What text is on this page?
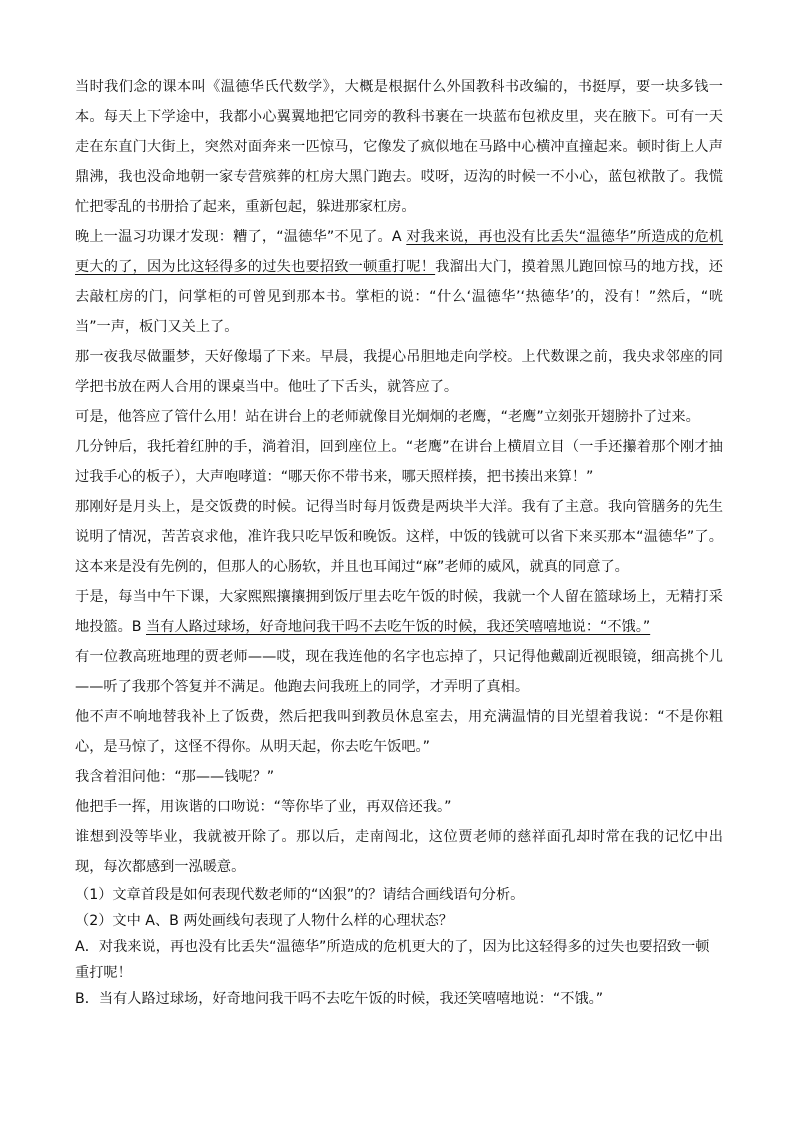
当时我们念的课本叫《温德华氏代数学》，大概是根据什么外国教科书改编的，书挺厚，要一块多钱一本。每天上下学途中，我都小心翼翼地把它同旁的教科书裹在一块蓝布包袱皮里，夹在腋下。可有一天走在东直门大街上，突然对面奔来一匹惊马，它像发了疯似地在马路中心横冲直撞起来。顿时街上人声鼎沸，我也没命地朝一家专营殡葬的杠房大黑门跑去。哎呀，迈沟的时候一不小心，蓝包袱散了。我慌忙把零乱的书册拾了起来，重新包起，躲进那家杠房。

晚上一温习功课才发现：糟了，“温德华”不见了。A 对我来说，再也没有比丢失“温德华”所造成的危机更大的了，因为比这轻得多的过失也要招致一顿重打呢！我溜出大门，摸着黑儿跑回惊马的地方找，还去敲杠房的门，问掌柜的可曾见到那本书。掌柜的说：“什么‘温德华’‘热德华’的，没有！”然后，“咣当”一声，板门又关上了。

那一夜我尽做噩梦，天好像塌了下来。早晨，我提心吊胆地走向学校。上代数课之前，我央求邻座的同学把书放在两人合用的课桌当中。他吐了下舌头，就答应了。

可是，他答应了管什么用！站在讲台上的老师就像目光炯炯的老鹰，“老鹰”立刻张开翅膀扑了过来。

几分钟后，我托着红肿的手，淌着泪，回到座位上。“老鹰”在讲台上横眉立目（一手还攥着那个刚才抽过我手心的板子），大声咆哮道：“哪天你不带书来，哪天照样揍，把书揍出来算！”

那刚好是月头上，是交饭费的时候。记得当时每月饭费是两块半大洋。我有了主意。我向管膳务的先生说明了情况，苦苦哀求他，准许我只吃早饭和晚饭。这样，中饭的钱就可以省下来买那本“温德华”了。这本来是没有先例的，但那人的心肠软，并且也耳闻过“麻”老师的威风，就真的同意了。

于是，每当中午下课，大家熙熙攘攘拥到饭厅里去吃午饭的时候，我就一个人留在篮球场上，无精打采地投篮。B 当有人路过球场，好奇地问我干吗不去吃午饭的时候，我还笑嘻嘻地说：“不饿。”

有一位教高班地理的贾老师——哎，现在我连他的名字也忘掉了，只记得他戴副近视眼镜，细高挑个儿——听了我那个答复并不满足。他跑去问我班上的同学，才弄明了真相。

他不声不响地替我补上了饭费，然后把我叫到教员休息室去，用充满温情的目光望着我说：“不是你粗心，是马惊了，这怪不得你。从明天起，你去吃午饭吧。”

我含着泪问他：“那——钱呢？”

他把手一挥，用诙谐的口吻说：“等你毕了业，再双倍还我。”

谁想到没等毕业，我就被开除了。那以后，走南闯北，这位贾老师的慈祥面孔却时常在我的记忆中出现，每次都感到一泓暖意。

（1）文章首段是如何表现代数老师的“凶狠”的？请结合画线语句分析。

（2）文中 A、B 两处画线句表现了人物什么样的心理状态？

A．对我来说，再也没有比丢失“温德华”所造成的危机更大的了，因为比这轻得多的过失也要招致一顿重打呢！

B．当有人路过球场，好奇地问我干吗不去吃午饭的时候，我还笑嘻嘻地说：“不饿。”
